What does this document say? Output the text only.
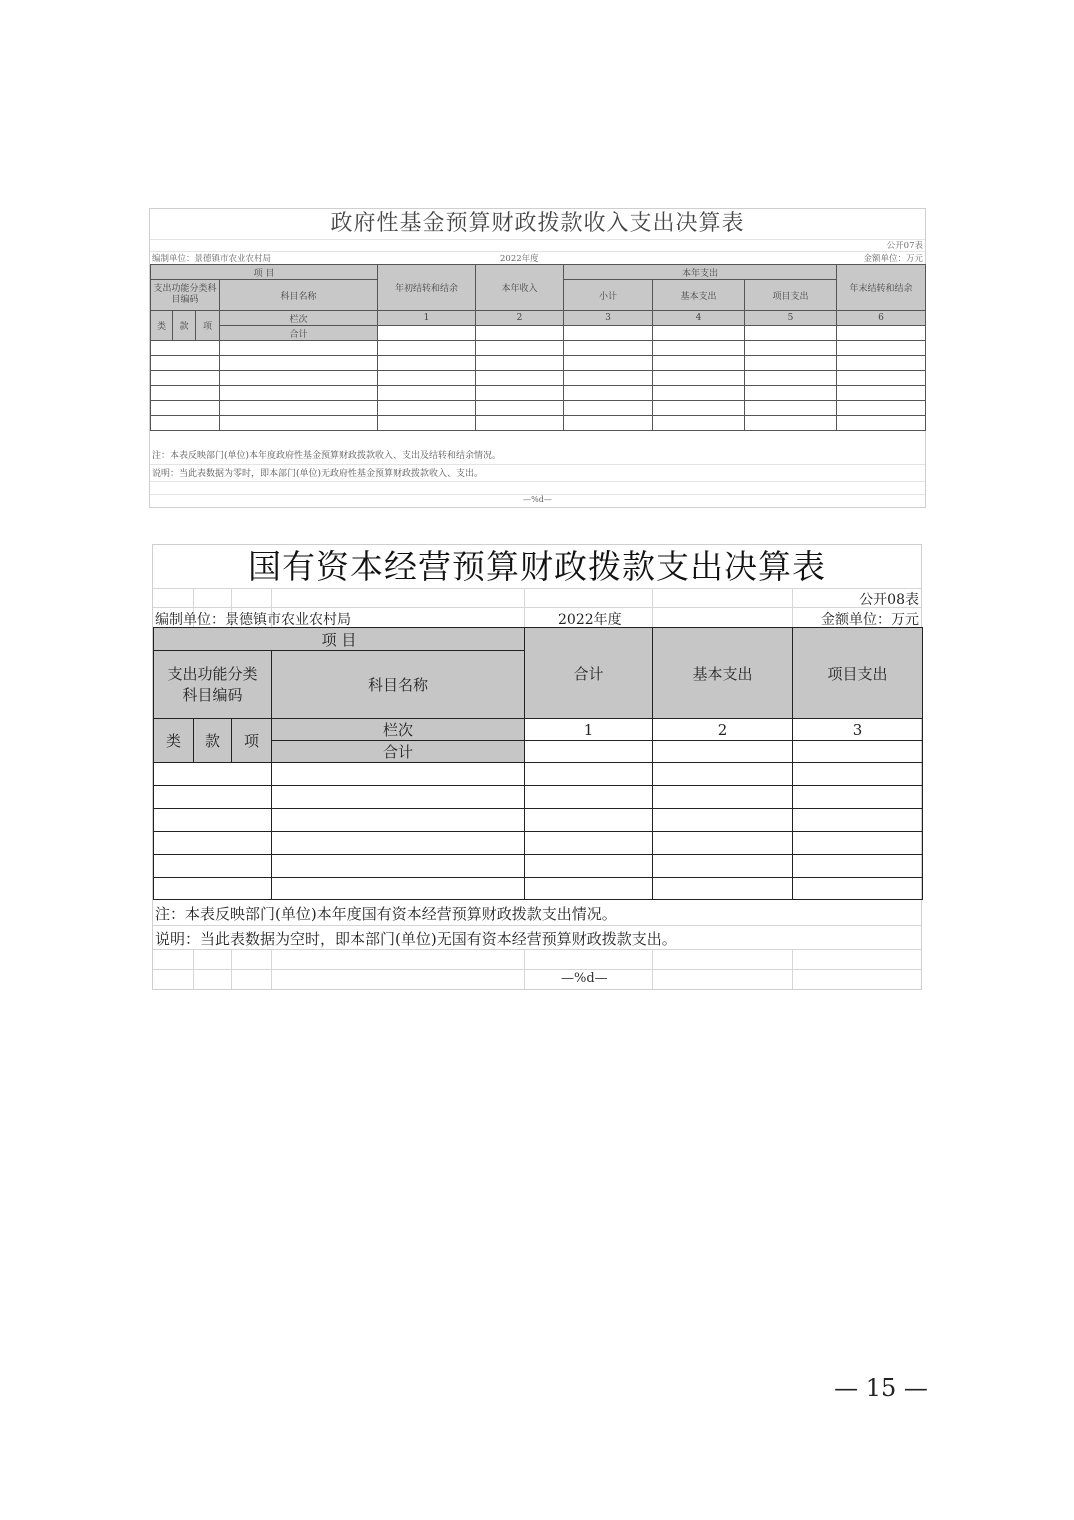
政府性基金预算财政拨款收入支出决算表
公开07表
编制单位：景德镇市农业农村局	2022年度	金额单位：万元
项 目				年初结转和结余	本年收入	本年支出			年末结转和结余
支出功能分类科目编码			科目名称			小计	基本支出	项目支出	
类	款	项	栏次	1	2	3	4	5	6
			合计						

注：本表反映部门(单位)本年度政府性基金预算财政拨款收入、支出及结转和结余情况。
说明：当此表数据为零时，即本部门(单位)无政府性基金预算财政拨款收入、支出。
—%d—
国有资本经营预算财政拨款支出决算表
公开08表
编制单位：景德镇市农业农村局	2022年度	金额单位：万元
项 目				合计	基本支出	项目支出

支出功能分类
科目编码			科目名称			
类	款	项	栏次	1	2	3
			合计			

注：本表反映部门(单位)本年度国有资本经营预算财政拨款支出情况。
说明：当此表数据为空时，即本部门(单位)无国有资本经营预算财政拨款支出。
—%d—
— 15 —
